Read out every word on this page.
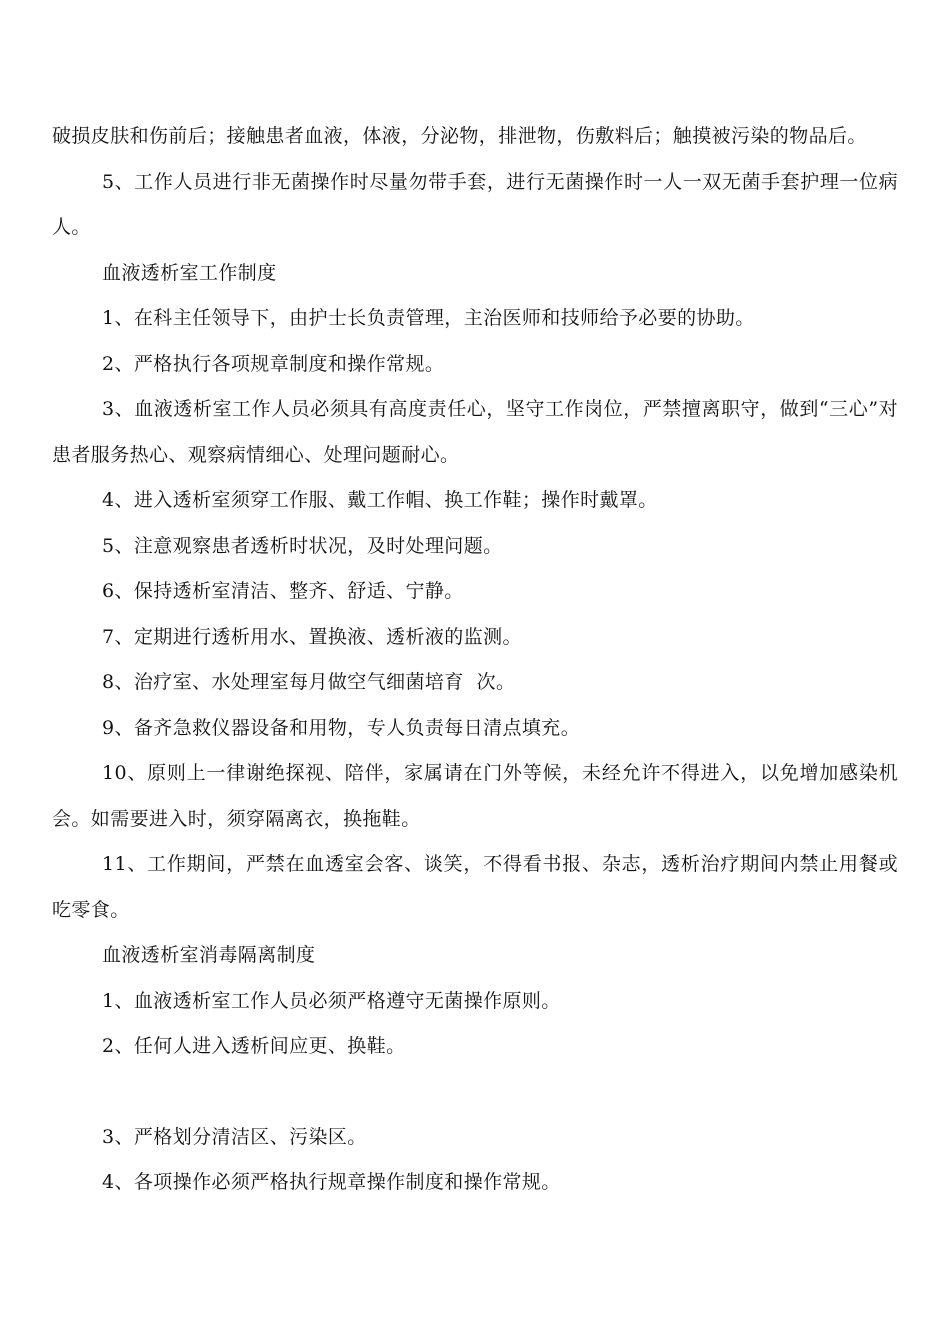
破损皮肤和伤前后；接触患者血液，体液，分泌物，排泄物，伤敷料后；触摸被污染的物品后。

5、工作人员进行非无菌操作时尽量勿带手套，进行无菌操作时一人一双无菌手套护理一位病人。

血液透析室工作制度

1、在科主任领导下，由护士长负责管理，主治医师和技师给予必要的协助。

2、严格执行各项规章制度和操作常规。

3、血液透析室工作人员必须具有高度责任心，坚守工作岗位，严禁擅离职守，做到“三心”对患者服务热心、观察病情细心、处理问题耐心。

4、进入透析室须穿工作服、戴工作帽、换工作鞋；操作时戴罩。

5、注意观察患者透析时状况，及时处理问题。

6、保持透析室清洁、整齐、舒适、宁静。

7、定期进行透析用水、置换液、透析液的监测。

8、治疗室、水处理室每月做空气细菌培育  次。

9、备齐急救仪器设备和用物，专人负责每日清点填充。

10、原则上一律谢绝探视、陪伴，家属请在门外等候，未经允许不得进入，以免增加感染机会。如需要进入时，须穿隔离衣，换拖鞋。

11、工作期间，严禁在血透室会客、谈笑，不得看书报、杂志，透析治疗期间内禁止用餐或吃零食。

血液透析室消毒隔离制度

1、血液透析室工作人员必须严格遵守无菌操作原则。

2、任何人进入透析间应更、换鞋。

3、严格划分清洁区、污染区。

4、各项操作必须严格执行规章操作制度和操作常规。
